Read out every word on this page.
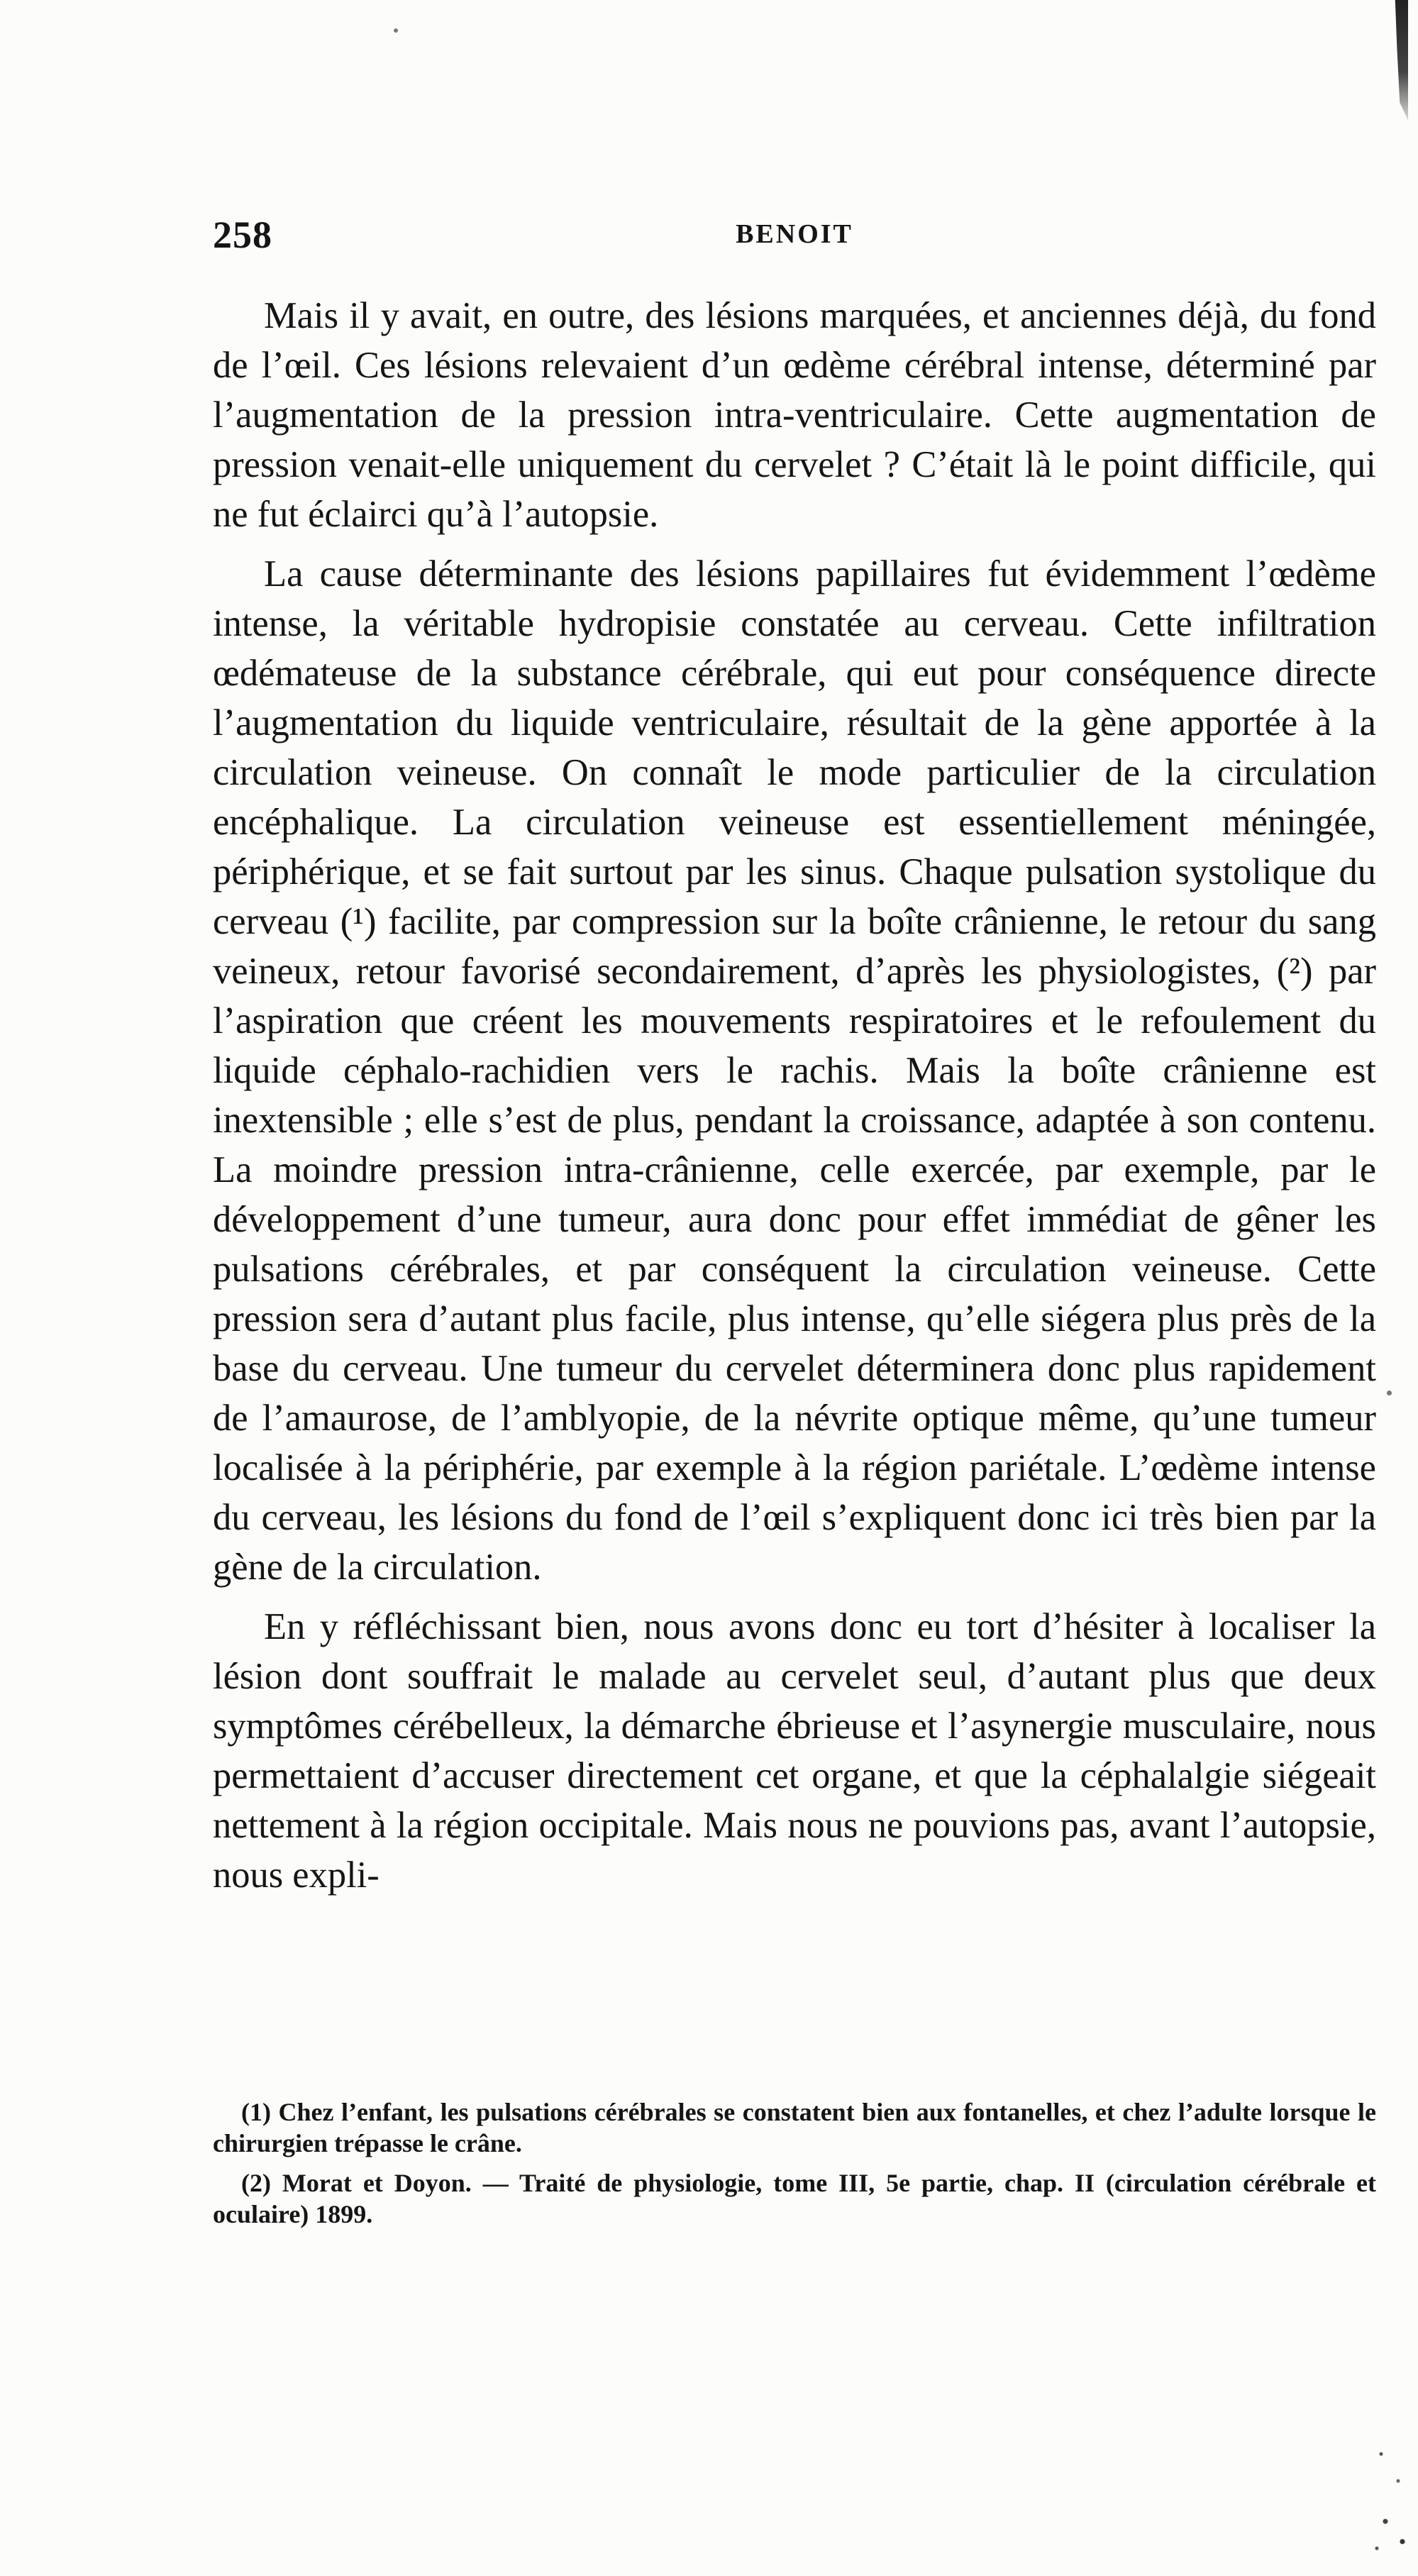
258	BENOIT

Mais il y avait, en outre, des lésions marquées, et anciennes déjà, du fond de l’œil. Ces lésions relevaient d’un œdème cérébral intense, déterminé par l’augmentation de la pression intra-ventriculaire. Cette augmentation de pression venait-elle uniquement du cervelet ? C’était là le point difficile, qui ne fut éclairci qu’à l’autopsie.

La cause déterminante des lésions papillaires fut évidemment l’œdème intense, la véritable hydropisie constatée au cerveau. Cette infiltration œdémateuse de la substance cérébrale, qui eut pour conséquence directe l’augmentation du liquide ventriculaire, résultait de la gène apportée à la circulation veineuse. On connaît le mode particulier de la circulation encéphalique. La circulation veineuse est essentiellement méningée, périphérique, et se fait surtout par les sinus. Chaque pulsation systolique du cerveau (¹) facilite, par compression sur la boîte crânienne, le retour du sang veineux, retour favorisé secondairement, d’après les physiologistes, (²) par l’aspiration que créent les mouvements respiratoires et le refoulement du liquide céphalo-rachidien vers le rachis. Mais la boîte crânienne est inextensible ; elle s’est de plus, pendant la croissance, adaptée à son contenu. La moindre pression intra-crânienne, celle exercée, par exemple, par le développement d’une tumeur, aura donc pour effet immédiat de gêner les pulsations cérébrales, et par conséquent la circulation veineuse. Cette pression sera d’autant plus facile, plus intense, qu’elle siégera plus près de la base du cerveau. Une tumeur du cervelet déterminera donc plus rapidement de l’amaurose, de l’amblyopie, de la névrite optique même, qu’une tumeur localisée à la périphérie, par exemple à la région pariétale. L’œdème intense du cerveau, les lésions du fond de l’œil s’expliquent donc ici très bien par la gène de la circulation.

En y réfléchissant bien, nous avons donc eu tort d’hésiter à localiser la lésion dont souffrait le malade au cervelet seul, d’autant plus que deux symptômes cérébelleux, la démarche ébrieuse et l’asynergie musculaire, nous permettaient d’accuser directement cet organe, et que la céphalalgie siégeait nettement à la région occipitale. Mais nous ne pouvions pas, avant l’autopsie, nous expli-

(1) Chez l’enfant, les pulsations cérébrales se constatent bien aux fontanelles, et chez l’adulte lorsque le chirurgien trépasse le crâne.

(2) Morat et Doyon. — Traité de physiologie, tome III, 5e partie, chap. II (circulation cérébrale et oculaire) 1899.
